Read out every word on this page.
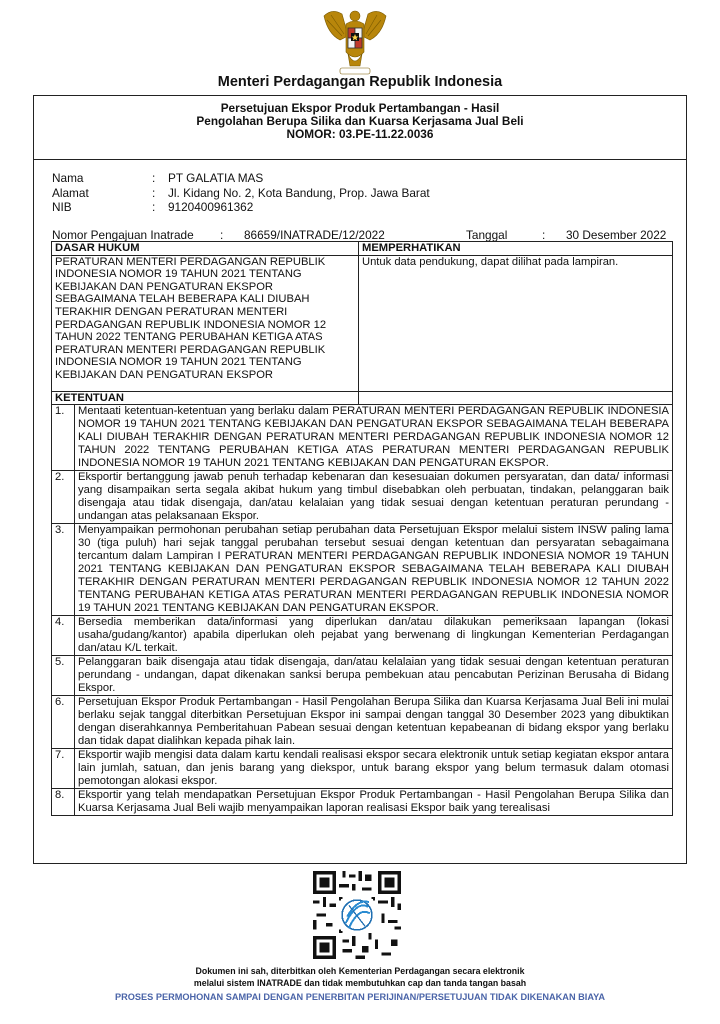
Menteri Perdagangan Republik Indonesia
Persetujuan Ekspor Produk Pertambangan - Hasil
Pengolahan Berupa Silika dan Kuarsa Kerjasama Jual Beli
NOMOR: 03.PE-11.22.0036
Nama	:	PT GALATIA MAS
Alamat	:	Jl. Kidang No. 2, Kota Bandung, Prop. Jawa Barat
NIB	:	9120400961362
Nomor Pengajuan Inatrade	:	86659/INATRADE/12/2022	Tanggal	:	30 Desember 2022
DASAR HUKUM	MEMPERHATIKAN
PERATURAN MENTERI PERDAGANGAN REPUBLIK INDONESIA NOMOR 19 TAHUN 2021 TENTANG KEBIJAKAN DAN PENGATURAN EKSPOR SEBAGAIMANA TELAH BEBERAPA KALI DIUBAH TERAKHIR DENGAN PERATURAN MENTERI PERDAGANGAN REPUBLIK INDONESIA NOMOR 12 TAHUN 2022 TENTANG PERUBAHAN KETIGA ATAS PERATURAN MENTERI PERDAGANGAN REPUBLIK INDONESIA NOMOR 19 TAHUN 2021 TENTANG KEBIJAKAN DAN PENGATURAN EKSPOR	Untuk data pendukung, dapat dilihat pada lampiran.
KETENTUAN
1.	Mentaati ketentuan-ketentuan yang berlaku dalam PERATURAN MENTERI PERDAGANGAN REPUBLIK INDONESIA NOMOR 19 TAHUN 2021 TENTANG KEBIJAKAN DAN PENGATURAN EKSPOR SEBAGAIMANA TELAH BEBERAPA KALI DIUBAH TERAKHIR DENGAN PERATURAN MENTERI PERDAGANGAN REPUBLIK INDONESIA NOMOR 12 TAHUN 2022 TENTANG PERUBAHAN KETIGA ATAS PERATURAN MENTERI PERDAGANGAN REPUBLIK INDONESIA NOMOR 19 TAHUN 2021 TENTANG KEBIJAKAN DAN PENGATURAN EKSPOR.
2.	Eksportir bertanggung jawab penuh terhadap kebenaran dan kesesuaian dokumen persyaratan, dan data/ informasi yang disampaikan serta segala akibat hukum yang timbul disebabkan oleh perbuatan, tindakan, pelanggaran baik disengaja atau tidak disengaja, dan/atau kelalaian yang tidak sesuai dengan ketentuan peraturan perundang - undangan atas pelaksanaan Ekspor.
3.	Menyampaikan permohonan perubahan setiap perubahan data Persetujuan Ekspor melalui sistem INSW paling lama 30 (tiga puluh) hari sejak tanggal perubahan tersebut sesuai dengan ketentuan dan persyaratan sebagaimana tercantum dalam Lampiran I PERATURAN MENTERI PERDAGANGAN REPUBLIK INDONESIA NOMOR 19 TAHUN 2021 TENTANG KEBIJAKAN DAN PENGATURAN EKSPOR SEBAGAIMANA TELAH BEBERAPA KALI DIUBAH TERAKHIR DENGAN PERATURAN MENTERI PERDAGANGAN REPUBLIK INDONESIA NOMOR 12 TAHUN 2022 TENTANG PERUBAHAN KETIGA ATAS PERATURAN MENTERI PERDAGANGAN REPUBLIK INDONESIA NOMOR 19 TAHUN 2021 TENTANG KEBIJAKAN DAN PENGATURAN EKSPOR.
4.	Bersedia memberikan data/informasi yang diperlukan dan/atau dilakukan pemeriksaan lapangan (lokasi usaha/gudang/kantor) apabila diperlukan oleh pejabat yang berwenang di lingkungan Kementerian Perdagangan dan/atau K/L terkait.
5.	Pelanggaran baik disengaja atau tidak disengaja, dan/atau kelalaian yang tidak sesuai dengan ketentuan peraturan perundang - undangan, dapat dikenakan sanksi berupa pembekuan atau pencabutan Perizinan Berusaha di Bidang Ekspor.
6.	Persetujuan Ekspor Produk Pertambangan - Hasil Pengolahan Berupa Silika dan Kuarsa Kerjasama Jual Beli ini mulai berlaku sejak tanggal diterbitkan Persetujuan Ekspor ini sampai dengan tanggal 30 Desember 2023 yang dibuktikan dengan diserahkannya Pemberitahuan Pabean sesuai dengan ketentuan kepabeanan di bidang ekspor yang berlaku dan tidak dapat dialihkan kepada pihak lain.
7.	Eksportir wajib mengisi data dalam kartu kendali realisasi ekspor secara elektronik untuk setiap kegiatan ekspor antara lain jumlah, satuan, dan jenis barang yang diekspor, untuk barang ekspor yang belum termasuk dalam otomasi pemotongan alokasi ekspor.
8.	Eksportir yang telah mendapatkan Persetujuan Ekspor Produk Pertambangan - Hasil Pengolahan Berupa Silika dan Kuarsa Kerjasama Jual Beli wajib menyampaikan laporan realisasi Ekspor baik yang terealisasi
Dokumen ini sah, diterbitkan oleh Kementerian Perdagangan secara elektronik
melalui sistem INATRADE dan tidak membutuhkan cap dan tanda tangan basah
PROSES PERMOHONAN SAMPAI DENGAN PENERBITAN PERIJINAN/PERSETUJUAN TIDAK DIKENAKAN BIAYA
